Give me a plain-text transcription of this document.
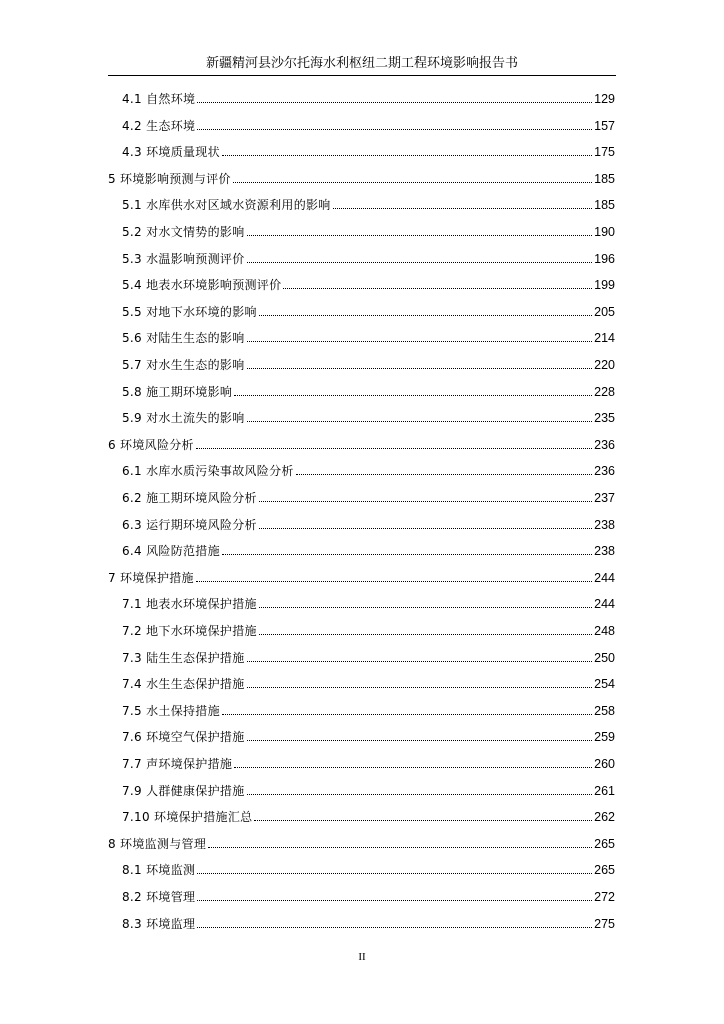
新疆精河县沙尔托海水利枢纽二期工程环境影响报告书
4.1 自然环境	129
4.2 生态环境	157
4.3 环境质量现状	175
5 环境影响预测与评价	185
5.1 水库供水对区域水资源利用的影响	185
5.2 对水文情势的影响	190
5.3 水温影响预测评价	196
5.4 地表水环境影响预测评价	199
5.5 对地下水环境的影响	205
5.6 对陆生生态的影响	214
5.7 对水生生态的影响	220
5.8 施工期环境影响	228
5.9 对水土流失的影响	235
6 环境风险分析	236
6.1 水库水质污染事故风险分析	236
6.2 施工期环境风险分析	237
6.3 运行期环境风险分析	238
6.4 风险防范措施	238
7 环境保护措施	244
7.1 地表水环境保护措施	244
7.2 地下水环境保护措施	248
7.3 陆生生态保护措施	250
7.4 水生生态保护措施	254
7.5 水土保持措施	258
7.6 环境空气保护措施	259
7.7 声环境保护措施	260
7.9 人群健康保护措施	261
7.10 环境保护措施汇总	262
8 环境监测与管理	265
8.1 环境监测	265
8.2 环境管理	272
8.3 环境监理	275
II
